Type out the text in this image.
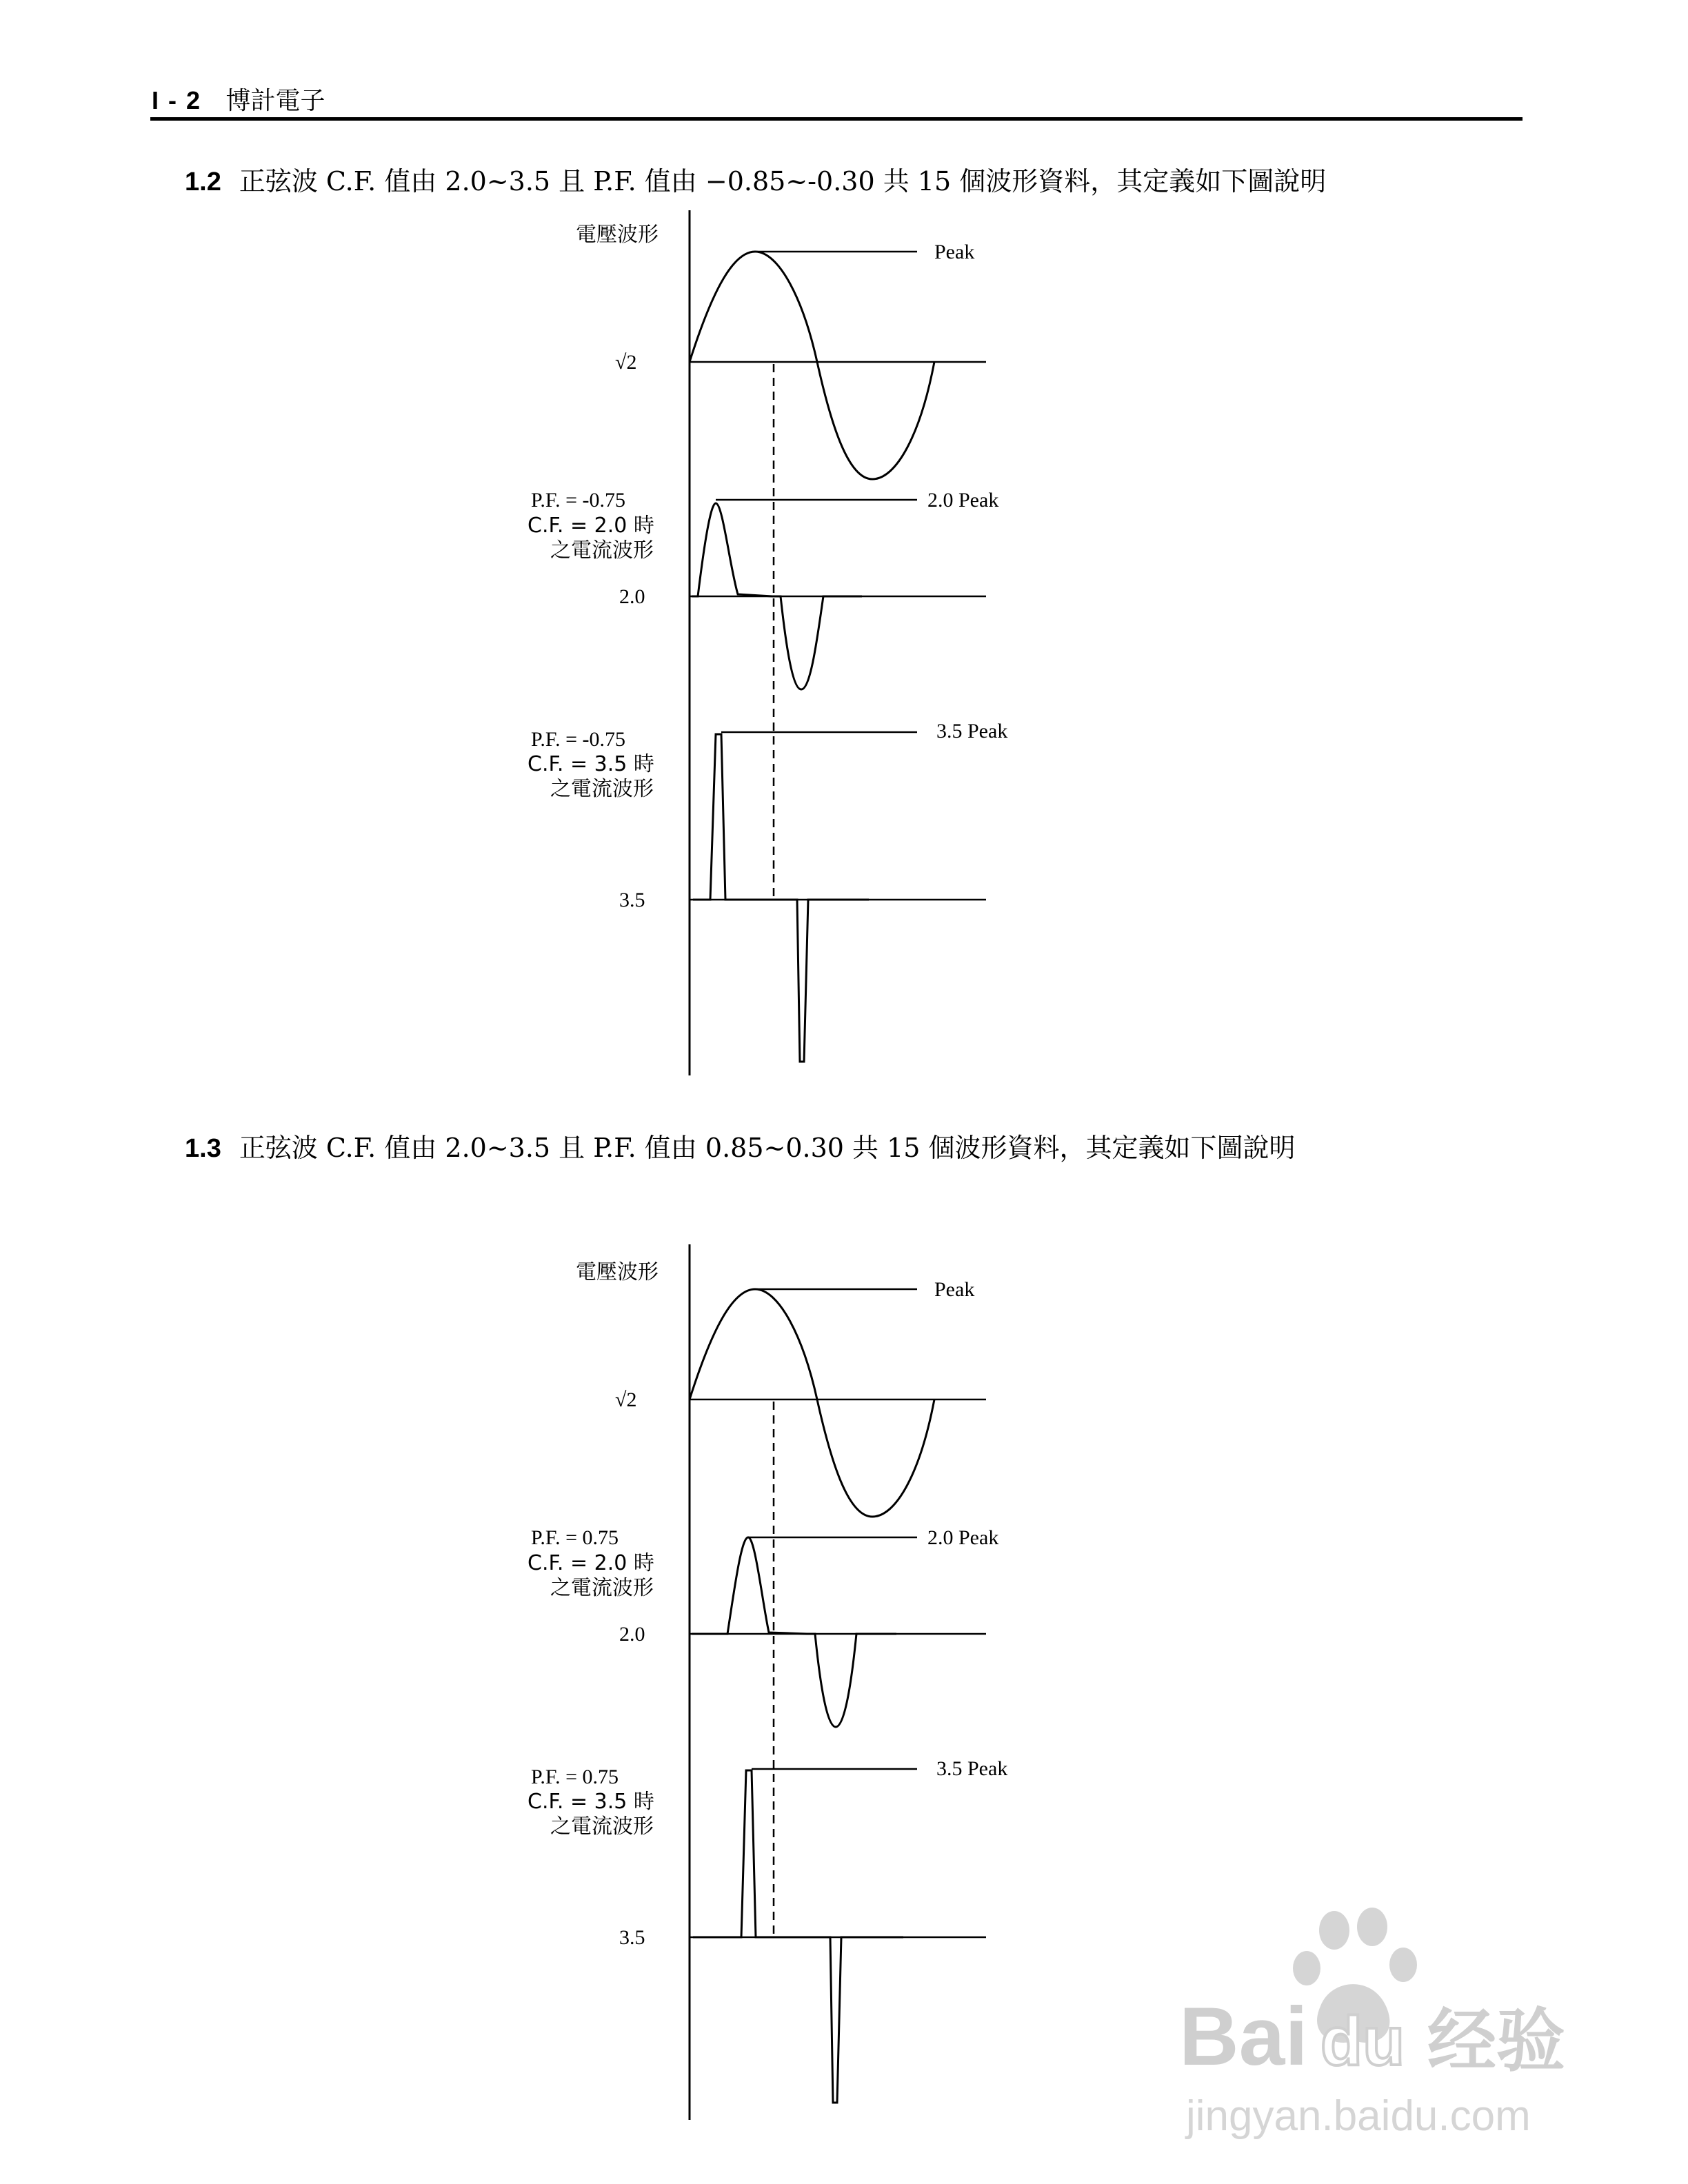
I - 2 博計電子
1.2 正弦波 C.F. 值由 2.0~3.5 且 P.F. 值由 −0.85~-0.30 共 15 個波形資料，其定義如下圖說明
電壓波形
Peak
√2
P.F. = -0.75
C.F. = 2.0 時
之電流波形
2.0 Peak
2.0
P.F. = -0.75
C.F. = 3.5 時
之電流波形
3.5 Peak
3.5
1.3 正弦波 C.F. 值由 2.0~3.5 且 P.F. 值由 0.85~0.30 共 15 個波形資料，其定義如下圖說明
電壓波形
Peak
√2
P.F. = 0.75
C.F. = 2.0 時
之電流波形
2.0 Peak
2.0
P.F. = 0.75
C.F. = 3.5 時
之電流波形
3.5 Peak
3.5
Bai du 经验
jingyan.baidu.com
